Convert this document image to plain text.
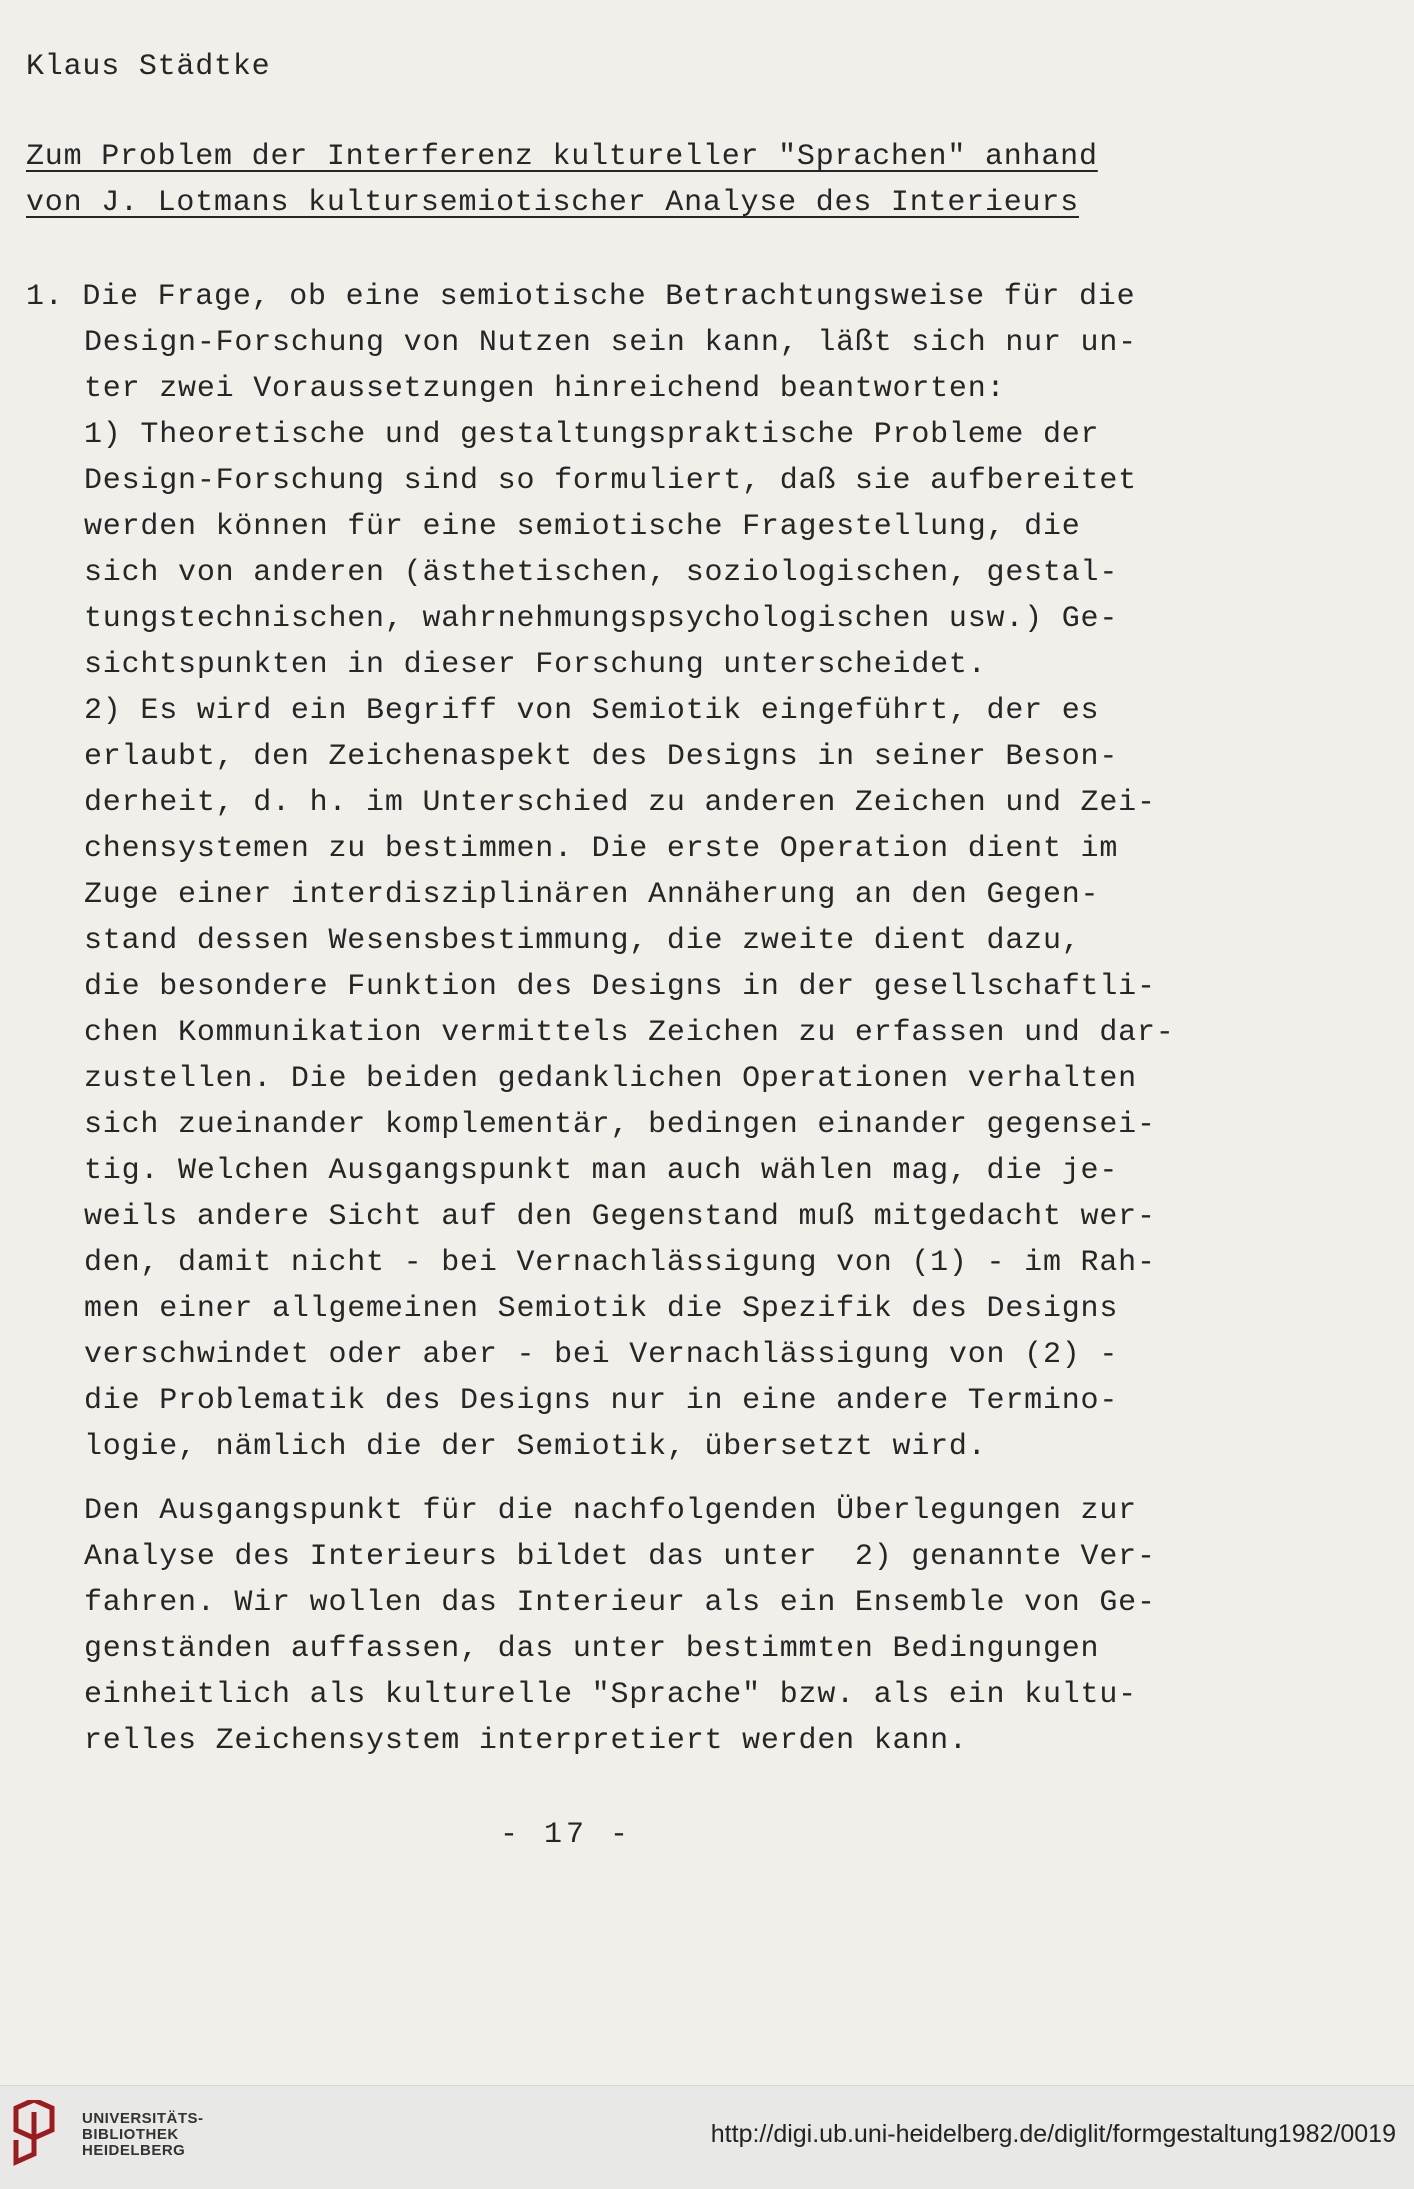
Klaus Städtke
Zum Problem der Interferenz kultureller "Sprachen" anhand
von J. Lotmans kultursemiotischer Analyse des Interieurs
1. Die Frage, ob eine semiotische Betrachtungsweise für die
Design-Forschung von Nutzen sein kann, läßt sich nur un-
ter zwei Voraussetzungen hinreichend beantworten:
1) Theoretische und gestaltungspraktische Probleme der
Design-Forschung sind so formuliert, daß sie aufbereitet
werden können für eine semiotische Fragestellung, die
sich von anderen (ästhetischen, soziologischen, gestal-
tungstechnischen, wahrnehmungspsychologischen usw.) Ge-
sichtspunkten in dieser Forschung unterscheidet.
2) Es wird ein Begriff von Semiotik eingeführt, der es
erlaubt, den Zeichenaspekt des Designs in seiner Beson-
derheit, d. h. im Unterschied zu anderen Zeichen und Zei-
chensystemen zu bestimmen. Die erste Operation dient im
Zuge einer interdisziplinären Annäherung an den Gegen-
stand dessen Wesensbestimmung, die zweite dient dazu,
die besondere Funktion des Designs in der gesellschaftli-
chen Kommunikation vermittels Zeichen zu erfassen und dar-
zustellen. Die beiden gedanklichen Operationen verhalten
sich zueinander komplementär, bedingen einander gegensei-
tig. Welchen Ausgangspunkt man auch wählen mag, die je-
weils andere Sicht auf den Gegenstand muß mitgedacht wer-
den, damit nicht - bei Vernachlässigung von (1) - im Rah-
men einer allgemeinen Semiotik die Spezifik des Designs
verschwindet oder aber - bei Vernachlässigung von (2) -
die Problematik des Designs nur in eine andere Termino-
logie, nämlich die der Semiotik, übersetzt wird.
Den Ausgangspunkt für die nachfolgenden Überlegungen zur
Analyse des Interieurs bildet das unter  2) genannte Ver-
fahren. Wir wollen das Interieur als ein Ensemble von Ge-
genständen auffassen, das unter bestimmten Bedingungen
einheitlich als kulturelle "Sprache" bzw. als ein kultu-
relles Zeichensystem interpretiert werden kann.
- 17 -
UNIVERSITÄTS-
BIBLIOTHEK
HEIDELBERG
http://digi.ub.uni-heidelberg.de/diglit/formgestaltung1982/0019
